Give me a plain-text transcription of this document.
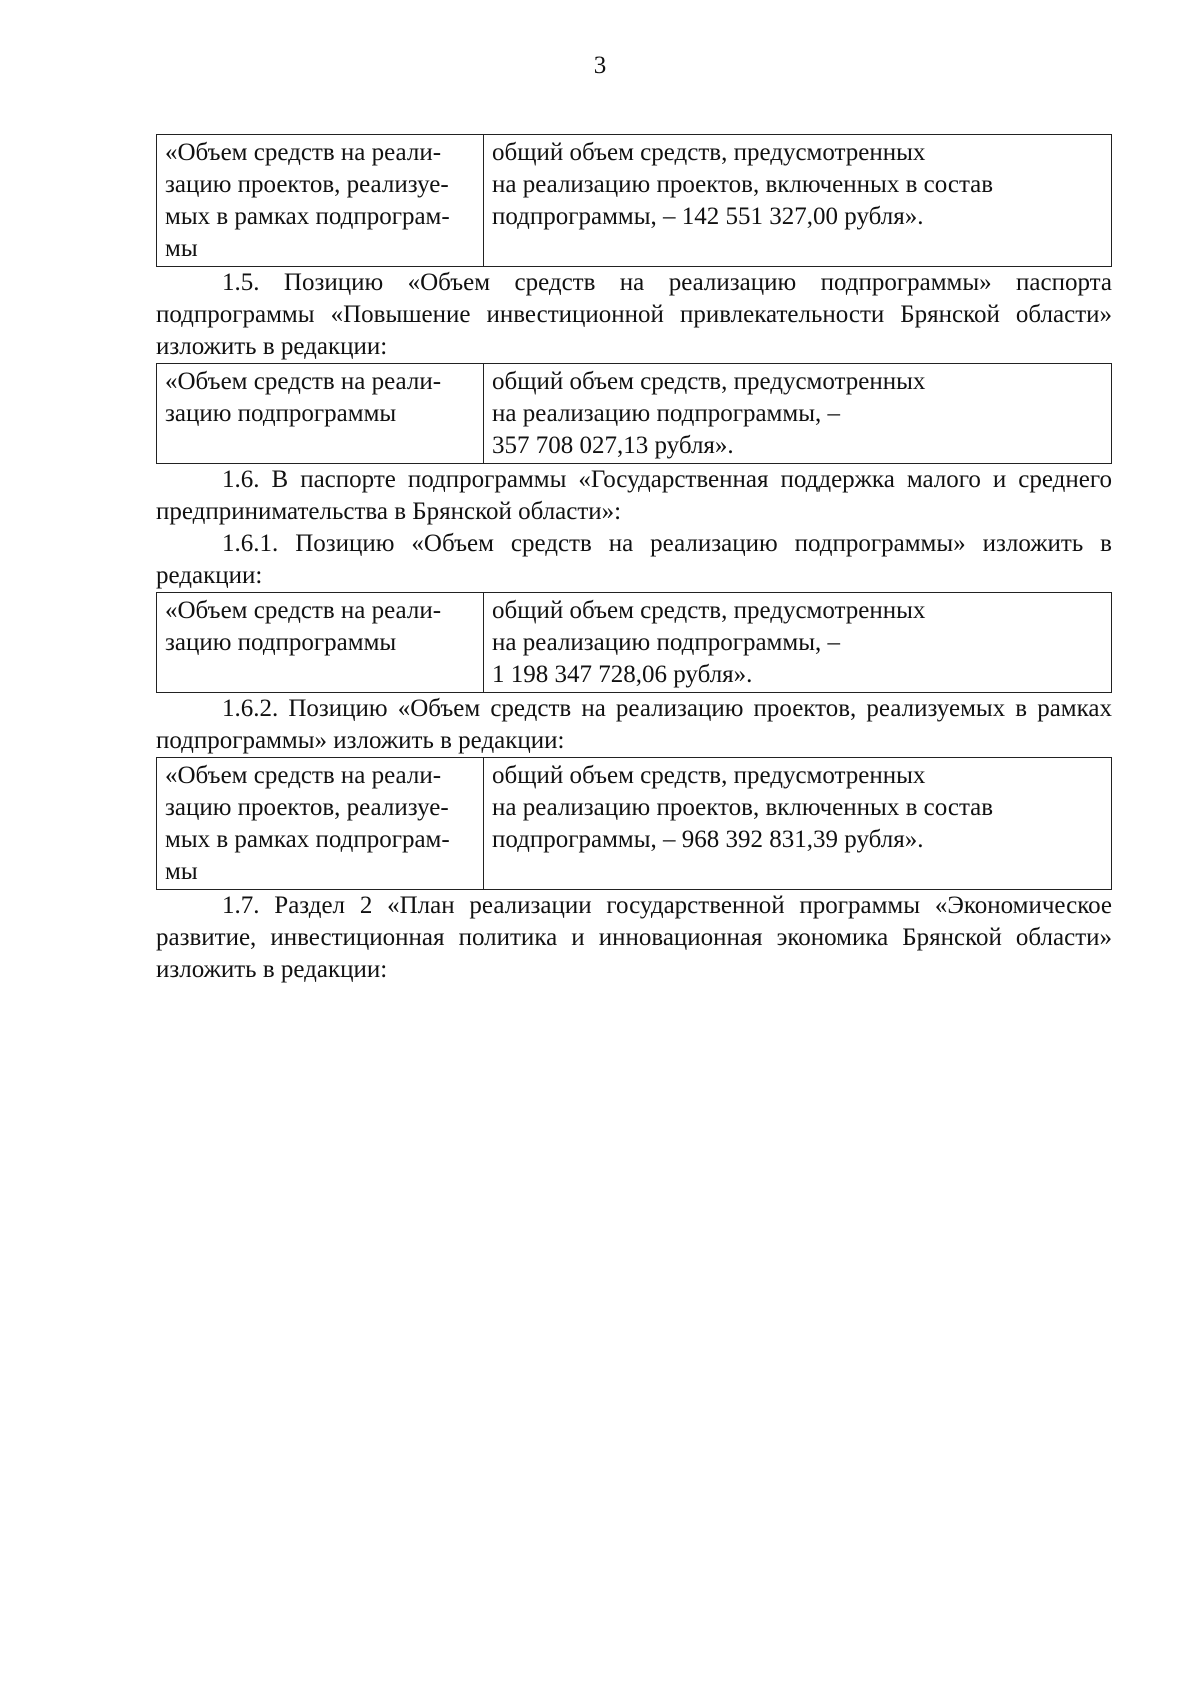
3
«Объем средств на реали-
зацию проектов, реализуе-
мых в рамках подпрограм-
мы	общий объем средств, предусмотренных
на реализацию проектов, включенных в состав
подпрограммы, – 142 551 327,00 рубля».

1.5. Позицию «Объем средств на реализацию подпрограммы» паспорта подпрограммы «Повышение инвестиционной привлекательности Брянской области» изложить в редакции:

«Объем средств на реали-
зацию подпрограммы	общий объем средств, предусмотренных
на реализацию подпрограммы, –
357 708 027,13 рубля».

1.6. В паспорте подпрограммы «Государственная поддержка малого и среднего предпринимательства в Брянской области»:

1.6.1. Позицию «Объем средств на реализацию подпрограммы» изложить в редакции:

«Объем средств на реали-
зацию подпрограммы	общий объем средств, предусмотренных
на реализацию подпрограммы, –
1 198 347 728,06 рубля».

1.6.2. Позицию «Объем средств на реализацию проектов, реализуемых в рамках подпрограммы» изложить в редакции:

«Объем средств на реали-
зацию проектов, реализуе-
мых в рамках подпрограм-
мы	общий объем средств, предусмотренных
на реализацию проектов, включенных в состав
подпрограммы, – 968 392 831,39 рубля».

1.7. Раздел 2 «План реализации государственной программы «Экономическое развитие, инвестиционная политика и инновационная экономика Брянской области» изложить в редакции:
